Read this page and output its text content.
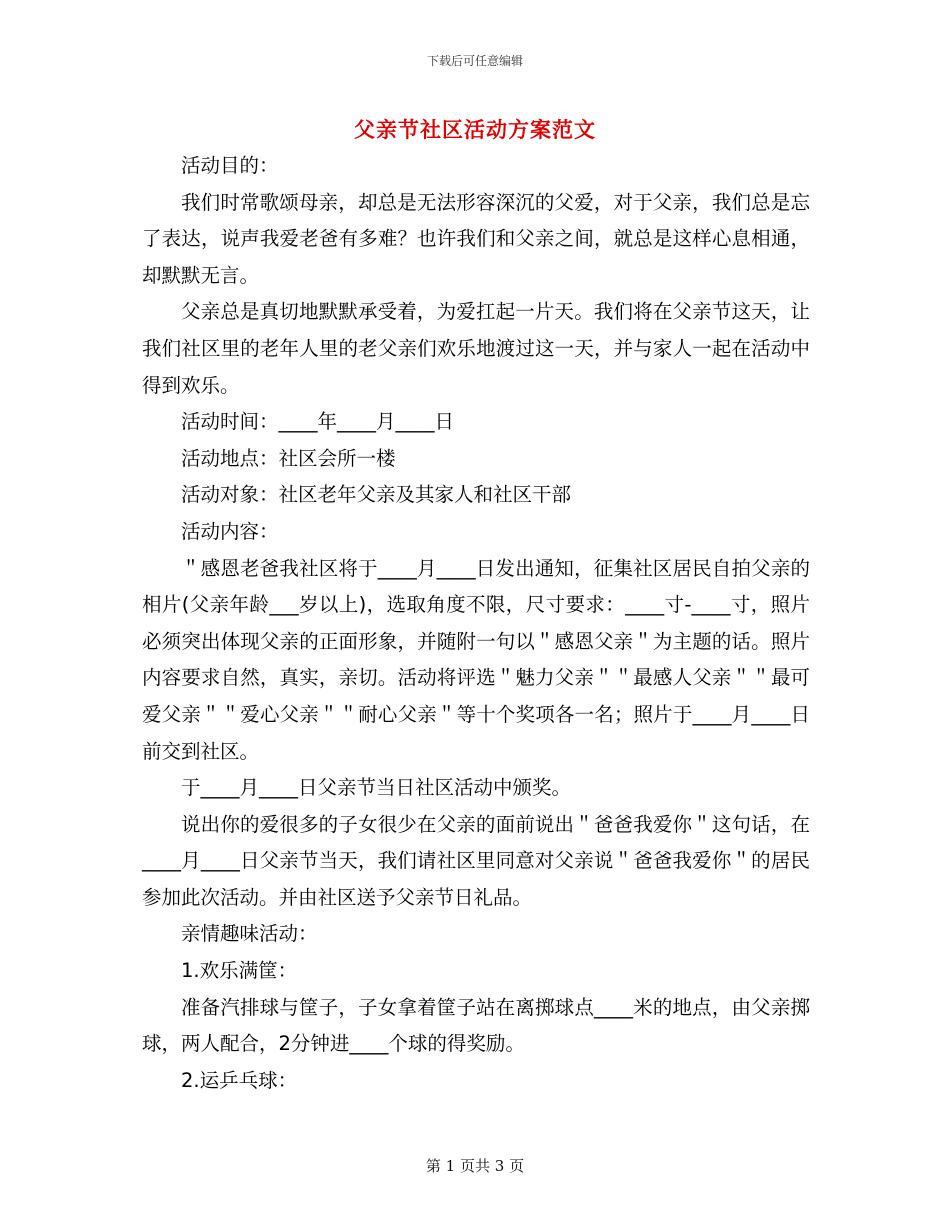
下载后可任意编辑
父亲节社区活动方案范文

活动目的：

我们时常歌颂母亲，却总是无法形容深沉的父爱，对于父亲，我们总是忘了表达，说声我爱老爸有多难？也许我们和父亲之间，就总是这样心息相通，却默默无言。

父亲总是真切地默默承受着，为爱扛起一片天。我们将在父亲节这天，让我们社区里的老年人里的老父亲们欢乐地渡过这一天，并与家人一起在活动中得到欢乐。

活动时间：____年____月____日

活动地点：社区会所一楼

活动对象：社区老年父亲及其家人和社区干部

活动内容：

＂感恩老爸我社区将于____月____日发出通知，征集社区居民自拍父亲的相片(父亲年龄___岁以上)，选取角度不限，尺寸要求：____寸-____寸，照片必须突出体现父亲的正面形象，并随附一句以＂感恩父亲＂为主题的话。照片内容要求自然，真实，亲切。活动将评选＂魅力父亲＂＂最感人父亲＂＂最可爱父亲＂＂爱心父亲＂＂耐心父亲＂等十个奖项各一名；照片于____月____日前交到社区。

于____月____日父亲节当日社区活动中颁奖。

说出你的爱很多的子女很少在父亲的面前说出＂爸爸我爱你＂这句话，在____月____日父亲节当天，我们请社区里同意对父亲说＂爸爸我爱你＂的居民参加此次活动。并由社区送予父亲节日礼品。

亲情趣味活动：

1.欢乐满筐：

准备汽排球与筐子，子女拿着筐子站在离掷球点____米的地点，由父亲掷球，两人配合，2分钟进____个球的得奖励。

2.运乒乓球：

第 1 页共 3 页
